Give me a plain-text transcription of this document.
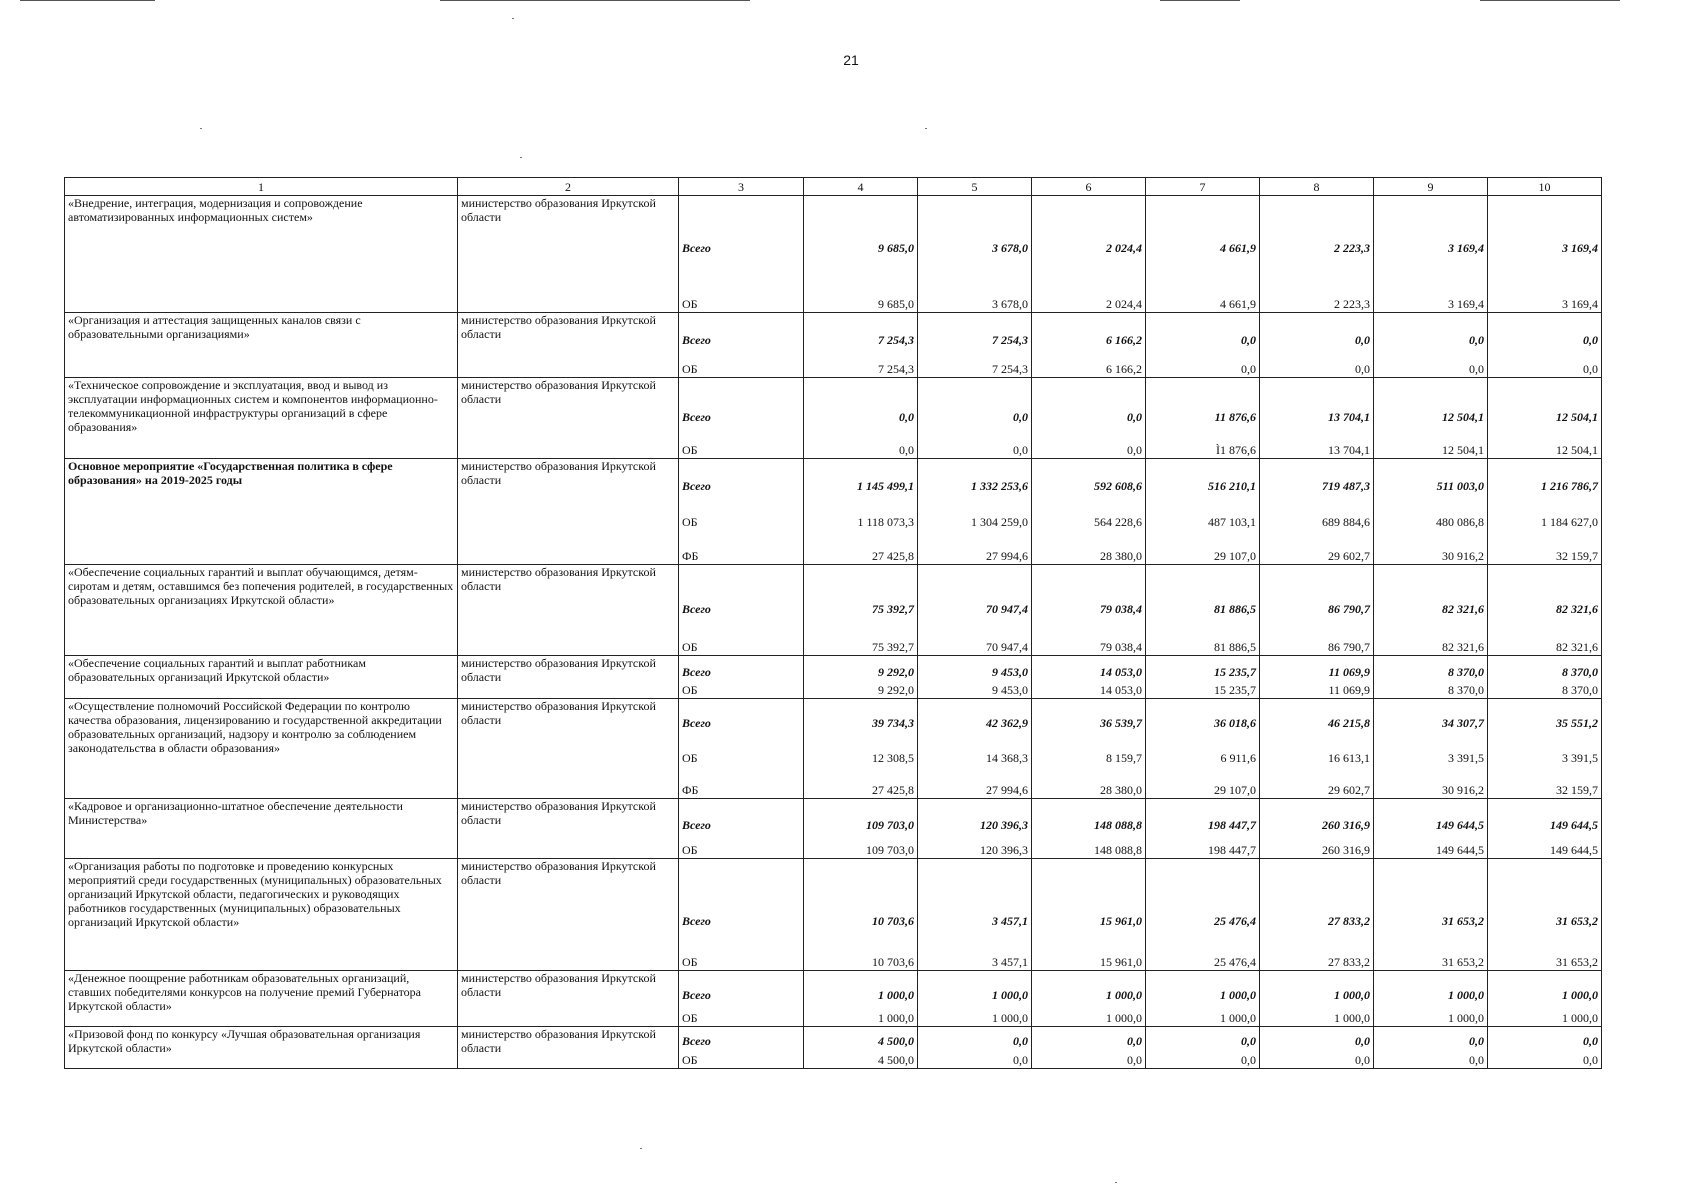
21
1	2	3	4	5	6	7	8	9	10
«Внедрение, интеграция, модернизация и сопровождение автоматизированных информационных систем»	министерство образования Иркутской области	Всего	9 685,0	3 678,0	2 024,4	4 661,9	2 223,3	3 169,4	3 169,4
		ОБ	9 685,0	3 678,0	2 024,4	4 661,9	2 223,3	3 169,4	3 169,4
«Организация и аттестация защищенных каналов связи с образовательными организациями»	министерство образования Иркутской области	Всего	7 254,3	7 254,3	6 166,2	0,0	0,0	0,0	0,0
		ОБ	7 254,3	7 254,3	6 166,2	0,0	0,0	0,0	0,0
«Техническое сопровождение и эксплуатация, ввод и вывод из эксплуатации информационных систем и компонентов информационно-телекоммуникационной инфраструктуры организаций в сфере образования»	министерство образования Иркутской области	Всего	0,0	0,0	0,0	11 876,6	13 704,1	12 504,1	12 504,1
		ОБ	0,0	0,0	0,0	Ì1 876,6	13 704,1	12 504,1	12 504,1
Основное мероприятие «Государственная политика в сфере образования» на 2019-2025 годы	министерство образования Иркутской области	Всего	1 145 499,1	1 332 253,6	592 608,6	516 210,1	719 487,3	511 003,0	1 216 786,7
		ОБ	1 118 073,3	1 304 259,0	564 228,6	487 103,1	689 884,6	480 086,8	1 184 627,0
		ФБ	27 425,8	27 994,6	28 380,0	29 107,0	29 602,7	30 916,2	32 159,7
«Обеспечение социальных гарантий и выплат обучающимся, детям-сиротам и детям, оставшимся без попечения родителей, в государственных образовательных организациях Иркутской области»	министерство образования Иркутской области	Всего	75 392,7	70 947,4	79 038,4	81 886,5	86 790,7	82 321,6	82 321,6
		ОБ	75 392,7	70 947,4	79 038,4	81 886,5	86 790,7	82 321,6	82 321,6
«Обеспечение социальных гарантий и выплат работникам образовательных организаций Иркутской области»	министерство образования Иркутской области	Всего	9 292,0	9 453,0	14 053,0	15 235,7	11 069,9	8 370,0	8 370,0
		ОБ	9 292,0	9 453,0	14 053,0	15 235,7	11 069,9	8 370,0	8 370,0
«Осуществление полномочий Российской Федерации по контролю качества образования, лицензированию и государственной аккредитации образовательных организаций, надзору и контролю за соблюдением законодательства в области образования»	министерство образования Иркутской области	Всего	39 734,3	42 362,9	36 539,7	36 018,6	46 215,8	34 307,7	35 551,2
		ОБ	12 308,5	14 368,3	8 159,7	6 911,6	16 613,1	3 391,5	3 391,5
		ФБ	27 425,8	27 994,6	28 380,0	29 107,0	29 602,7	30 916,2	32 159,7
«Кадровое и организационно-штатное обеспечение деятельности Министерства»	министерство образования Иркутской области	Всего	109 703,0	120 396,3	148 088,8	198 447,7	260 316,9	149 644,5	149 644,5
		ОБ	109 703,0	120 396,3	148 088,8	198 447,7	260 316,9	149 644,5	149 644,5
«Организация работы по подготовке и проведению конкурсных мероприятий среди государственных (муниципальных) образовательных организаций Иркутской области, педагогических и руководящих работников государственных (муниципальных) образовательных организаций Иркутской области»	министерство образования Иркутской области	Всего	10 703,6	3 457,1	15 961,0	25 476,4	27 833,2	31 653,2	31 653,2
		ОБ	10 703,6	3 457,1	15 961,0	25 476,4	27 833,2	31 653,2	31 653,2
«Денежное поощрение работникам образовательных организаций, ставших победителями конкурсов на получение премий Губернатора Иркутской области»	министерство образования Иркутской области	Всего	1 000,0	1 000,0	1 000,0	1 000,0	1 000,0	1 000,0	1 000,0
		ОБ	1 000,0	1 000,0	1 000,0	1 000,0	1 000,0	1 000,0	1 000,0
«Призовой фонд по конкурсу «Лучшая образовательная организация Иркутской области»	министерство образования Иркутской области	Всего	4 500,0	0,0	0,0	0,0	0,0	0,0	0,0
		ОБ	4 500,0	0,0	0,0	0,0	0,0	0,0	0,0
